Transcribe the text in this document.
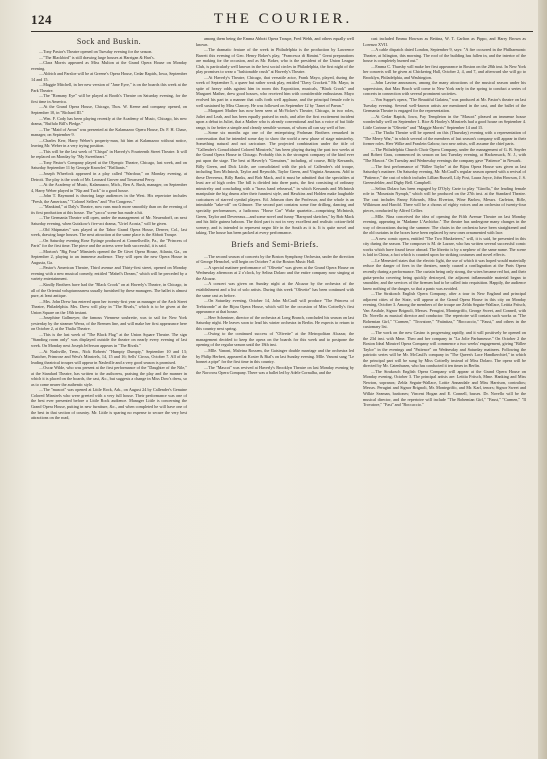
124	THE COURIER.
Sock and Buskin.
....Tony Pastor's Theatre opened on Tuesday evening for the season.
...."The Blackbird" is still drawing large houses at Harrigan & Hart's.
....Clara Morris appeared as Miss Multon at the Grand Opera House on Monday evening.
....Aldrich and Parsloe will be at Greene's Opera House, Cedar Rapids, Iowa, September 14 and 15.
....Maggie Mitchell, in her new version of "Jane Eyre," is on the boards this week at the Park Theatre.
....The "Romany Eye" will be played at Booth's Theatre on Saturday evening, for the first time in America.
....At the Grand Opera House, Chicago, Thos. W. Keene and company opened, on September 10, in "Richard III."
....Wm. F. Cody has been playing recently at the Academy of Music, Chicago, his new drama, "Buffalo Bill's Pledge."
....The "Maid of Arran" was presented at the Kalamazoo Opera House, Dr. F. H. Chase, manager, on September 9.
....Charles Kerr, Harry Weber's property-man, hit him at Kalamazoo without notice, leaving Mr. Weber in a very trying position.
....This will be the last week of "Chispa" in Haverly's Fourteenth Street Theatre. It will be replaced on Monday by "My Sweetheart."
....Tony Pastor's Company played at the Olympic Theatre, Chicago, last week, and on Saturday September 11 by Georgie Knowles' "Brilliants."
....Joseph Wheelock appeared in a play called "Wardour," on Monday evening, at Detroit. The play is the work of Mr. Leonard Grover and Townsend Percy.
....At the Academy of Music, Kalamazoo, Mich., Ben A. Bush, manager, on September 4, Harry Weber played in "Nip and Tuck" to a good house.
....John T. Raymond is drawing large audiences in the West. His repertoire includes "Fresh, the American," "Colonel Sellers" and "For Congress."
...."Mankind," at Daly's Theatre, now runs much more smoothly than on the evening of its first production at this house. The "yacca" scene has made a hit.
....The Germania Theatre will open, under the management of Mr. Neuendorff, on next Saturday evening, when Gutzkow's five-act drama, "Uriel Acosta," will be given.
....Old Shipmates" was played at the Tabor Grand Opera House, Denver, Col., last week, drawing large houses. The next attraction at the same place is the Abbott Troupe.
....On Saturday evening Rose Eytinge produced at Connellsville, Pa., the "Princess of Paris" for the first time. The piece and the actress were both successful, it is said.
....Morton's "Big Four" Minstrels opened the De Givet Opera House, Atlanta, Ga., on September 2, playing to an immense audience. They will open the new Opera House in Augusta, Ga.
....Pastor's American Theatre, Third avenue and Thirty-first street, opened on Monday evening with a new musical comedy, entitled "Mabel's Dream," which will be preceded by a variety entertainment.
....Kindly Brothers have had the "Black Crook" on at Haverly's Theatre, in Chicago, in all of the Oriental volupturousness usually furnished by these managers. The ballet is almost pure, at least antique.
....Mrs. John Drew has entered upon her twenty-first year as manager of the Arch Street Theatre, Philadelphia. Mrs. Drew will play in "The Rivals," which is to be given at the Union Square on the 18th instant.
....Josephine Gallmeyer, the famous Viennese soubrette, was to sail for New York yesterday by the steamer Werra, of the Bremen line, and will make her first appearance here on October 2, at the Thalia Theatre.
....This is the last week of "The Black Flag" at the Union Square Theatre. The sign "Standing room only" was displayed outside the theatre on nearly every evening of last week. On Monday next Joseph Jefferson appears in "The Rivals."
....At Nashville, Tenn., Nick Roberts' "Humpty Dumpty," September 10 and 13; Thatcher, Primrose and West's Minstrels, 14, 15 and 16; Sells' Circus, October 7. All of the leading theatrical troupes will appear in Nashville and a very good season is promised.
....Oscar Wilde, who was present at the first performance of the "Daughter of the Nile," at the Standard Theatre, has written to the authoress, praising the play and the manner in which it is placed on the boards, the cast, &c., but suggests a change in Miss Dow's dress, so as to come nearer the authentic style.
....The "mascot" was opened at Little Rock, Ark., on August 24 by Callender's Genuine Colored Minstrels who were greeted with a very full house. Their performance was one of the best ever presented before a Little Rock audience. Manager Little is concerning the Grand Opera House, putting in new furniture, &c., and when completed he will have one of the best in that section of country. Mr. Little is sparing no expense to secure the very best attractions on the road,
among them being the Emma Abbott Opera Troupe, Fred Webb, and others equally well known.
....The dramatic feature of the week in Philadelphia is the production by Lawrence Barrett this evening of Geo. Henry Boker's play, "Francesca di Rimini." Great preparations are making for the occasion, and as Mr. Boker, who is the president of the Union League Club, is particularly well known in the best social circles in Philadelphia, the first night of the play promises to wear a "fashionable crush" at Haverly's Theatre.
....At Haverly's Theatre, Chicago, that versatile actor, Frank Mayo, played, during the week of September 5, a queer but rather weak play, entitled "Davy Crockett." Mr. Mayo, in spite of heavy odds against him in room this Exposition, musicals, "Black Crook" and Margaret Mather, drew good houses, who received him with considerable enthusiasm. Mayo evolved his part in a manner that calls forth well applause, and the principal female role is well sustained by Miss Clancey. He was followed on September 12 by "Janet of Paean."
....Margaret Mather has now been seen at McVicker's Theatre, Chicago, in two roles, Juliet and Leah, and has been equally praised in each, and after the first excitement incident upon a debut in Juliet, that a Mather who is already conventional and has a voice of but little range, is far better a simple and cleanly sensible woman, of whom all can say well of her.
....Some six months ago one of the enterprising Frohman Brothers remarked in conversation that he intended some day to show the world a new phase of stage minstrelsy. Something natural and not caricature. The projected combination under the title of "Callender's Consolidated Colored Minstrels," has been playing during the past two weeks at the Grand Opera House in Chicago. Probably this is the strongest company of the kind ever put upon the stage. The best at Haverly's "Genuines," including, of course, Billy Kersands, Billy Green, and Dick Little, are consolidated with the pick of Callender's old troupe, including Tom McIntosh, Taylor and Reynolds, Taylor Green, and Virginia Amazons. Add to these Devereux, Billy Banks, and Bob Mack, and it must be admitted that the specialties at least are of high order. The bill is divided into three parts, the first consisting of ordinary minstrelsy and concluding with a "brass band rehearsal," in which Kersands and McIntosh manipulate the big drums after their funniest style, and Hawkins and Holden make laughable caricatures of starved cymbal players. Ed. Johnson does the Professor, and the whole is an inimitable "take-off" on Gilmore. The second part contains some fine drilling, dancing and specialty performances, a ludicrous "Horse Car" Wake quartette—comprising McIntosh, Green, Taylor and Devereaux—and some novel and funny "Barnyard sketches," by Bob Mack and his little guinea baboon. The third part is not in very excellent and realistic cotton-field scenery, and is intended to represent negro life in the South as it is. It is quite novel and taking. The house has been packed at every performance.
Briefs and Semi-Briefs.
....The second season of concerts by the Boston Symphony Orchestra, under the direction of George Henschel, will begin on October 7 at the Boston Music Hall.
....A special matinee performance of "Olivette" was given at the Grand Opera House on Wednesday afternoon at 2 o'clock, by Selina Dolaro and the entire company now singing at the Alcazar.
....A concert was given on Sunday night at the Alcazar by the orchestra of the establishment and a list of solo artists. During this week "Olivette" has been continued with the same cast as before.
....On Saturday evening, October 14, John McCaull will produce "The Princess of Trebizonde" at the Bijou Opera House, which will be the occasion of Miss Cottrelly's first appearance at that house.
....Herr Scheniner, director of the orchestra at Long Branch, concluded his season on last Saturday night. He leaves soon to lead his winter orchestra in Berlin. He expects to return to this country next spring.
....Owing to the continued success of "Olivette" at the Metropolitan Alcazar, the management decided to keep the opera on the boards for this week and to postpone the opening of the regular season until the 18th inst.
....Mlle. Vanoni, Malvina Rossem, the Gatsinger double marriage and the orchestra led by Philip Herbert, appeared at Koster & Bial's on last Sunday evening. Mlle. Vanoni sang "Le bonnet a pipe" for the first time in this country.
....The "Mascot" was revived at Haverly's Brooklyn Theatre on last Monday evening by the Norcross Opera Company. There was a ballet led by Adele Cornalba, and the
cast included Emma Howson as Bettina, W. T. Carlton as Pippo, and Harry Brown as Lorenzo XVII.
....A cable dispatch dated London, September 9, says: "A fire occurred in the Philharmonic Theatre, at Islington, this morning. The roof of the building has fallen in, and the interior of the house is completely burned out."
....Emma C. Thursby will make her first appearance in Boston on the 28th inst. In New York her concerts will be given at Chickering Hall, October 2, 4, and 7, and afterward she will go to Brooklyn, Philadelphia, and Washington.
....John Lavine announces, among the many attractions of the musical season under his supervision, that Max Bruch will come to New York early in the spring to conduct a series of concerts in connection with several prominent societies.
....Von Suppe's opera, "The Beautiful Galatea," was produced at Mr. Pastor's theatre on last Tuesday evening. Several well-known artists are mentioned in the cast, and the ballet of the Germania Theatre is engaged for the representation.
....At Cedar Rapids, Iowa, Fay Templeton in the "Mascot" pleased an immense house wonderfully well on September 1. Rice & Hooley's Minstrels had a good house on September 4. Little Corinne in "Olivette" and "Maggie Morris" September 14 and 15.
....The Thalia Theatre will be opened on this (Thursday) evening with a representation of "The Merry War," in which several of the members of last season's company will appear in their former roles. Herr Wilke and Fraulein Gabow, two new artists, will assume the chief parts.
....The Philadelphia Church Choir Opera Company, under the management of G. B. Snyder and Robert Grau, commenced its season on last Tuesday evening, at Hackensack, N. J., with "The Mascot." On Tuesday and Wednesday evenings the company gave "Patience" in Newark.
....The first performance of "Billee Taylor" at the Bijou Opera House was given as last Saturday's matinee. On Saturday evening, Mr. McCaull's regular season opened with a revival of "Patience," the cast of which includes Lillian Russell, Lily Post, Laura Joyce, John Howson, J. S. Greensfelder, and Digby Bell. Campbell.
....Selina Dolaro has been engaged by D'Oyly Carte to play "Girofla," the leading female role in "Mountain Nymph," which will be produced on the 27th inst. at the Standard Theatre. The cast includes Fanny Edwards, Miss Elverton, Wine Barlow, Messrs. Carleton, Rifle, Wilkinson and Harold. There will be a chorus of eighty voices and an orchestra of twenty-four pieces, conducted by Alfred Cellier.
....Mlle. Nina conceived the idea of opening the Fifth Avenue Theatre on last Monday evening, appearing in "Madame L'Archiduc." The theatre has undergone many changes in the way of decorations during the summer. The chairs in the orchestra have been straightened and the old curtains in the boxes have been replaced by new ones ornamented with lace.
....A new comic opera, entitled "The Two Musketeers," will, it is said, be presented in this city during the season. The composer is M. de Lazare, who has written several successful comic works which have found favor abroad. The libretto is by a nephew of the same name. The scene is laid in China, a fact which is counted upon for striking costumes and novel effects.
....Le Menestrel states that the electric light, the use of which it was hoped would materially reduce the danger of fires in the theatres, nearly caused a conflagration at the Paris Opera recently during a performance. The curtain being only strong, the wires became red hot, and their gutta-percha covering being quickly destroyed, the adjacent inflammable material began to smoulder, and the services of the firemen had to be called into requisition. Happily, the audience knew nothing of the danger, so that a panic was avoided.
....The Strakosch English Opera Company, after a tour in New England and principal adjacent cities of the State, will appear at the Grand Opera House in this city on Monday evening, October 3. Among the members of the troupe are Zelda Seguin-Wallace, Letitia Fritsch, Van Arsdale, Signor Brignoli, Messrs. Perugini, Montegriffo, George Sweet, and Conneil, with Dr. Novello as musical director and conductor. The repertoire will contain such works as "The Bohemian Girl," "Carmen," "Trovatore," "Fatinitza," "Boccaccio," "Faust," and others in the customary list.
....The work on the new Casino is progressing rapidly, and it will positively be opened on the 23d inst. with Mme. Theo and her company in "La Jolie Parfumeuse." On October 2 the Boston Ideal Minstrel Opera Company will commence a two weeks' engagement, giving "Billee Taylor" in the evenings and "Patience" on Wednesday and Saturday matinees. Following the patriotic series will be Mr. McCaull's company in "The Queen's Lace Handkerchief," in which the principal part will be sung by Miss Cottrelly instead of Miss Dolaro. The opera will be directed by Mr. Catenhusen, who has conducted it ten times in Berlin.
....The Strakosch English Opera Company will appear at the Grand Opera House on Monday evening, October 3. The principal artists are: Letitia Fritsch, Mme. Hanking and Miss Newton, sopranos; Zelda Seguin-Wallace, Lottie Annandale and Miss Harrison, contraltos; Messrs. Perugini and Signor Brignoli, Mr. Montegriffo, and Mr. Karl, tenors; Signor Sweet and Wilkie Seaman, baritones; Vincent Hogan and E. Connell, basses. Dr. Novello will be the musical director, and the repertoire will include "The Bohemian Girl," "Faust," "Carmen," "Il Trovatore," "Fast" and "Boccaccio."
